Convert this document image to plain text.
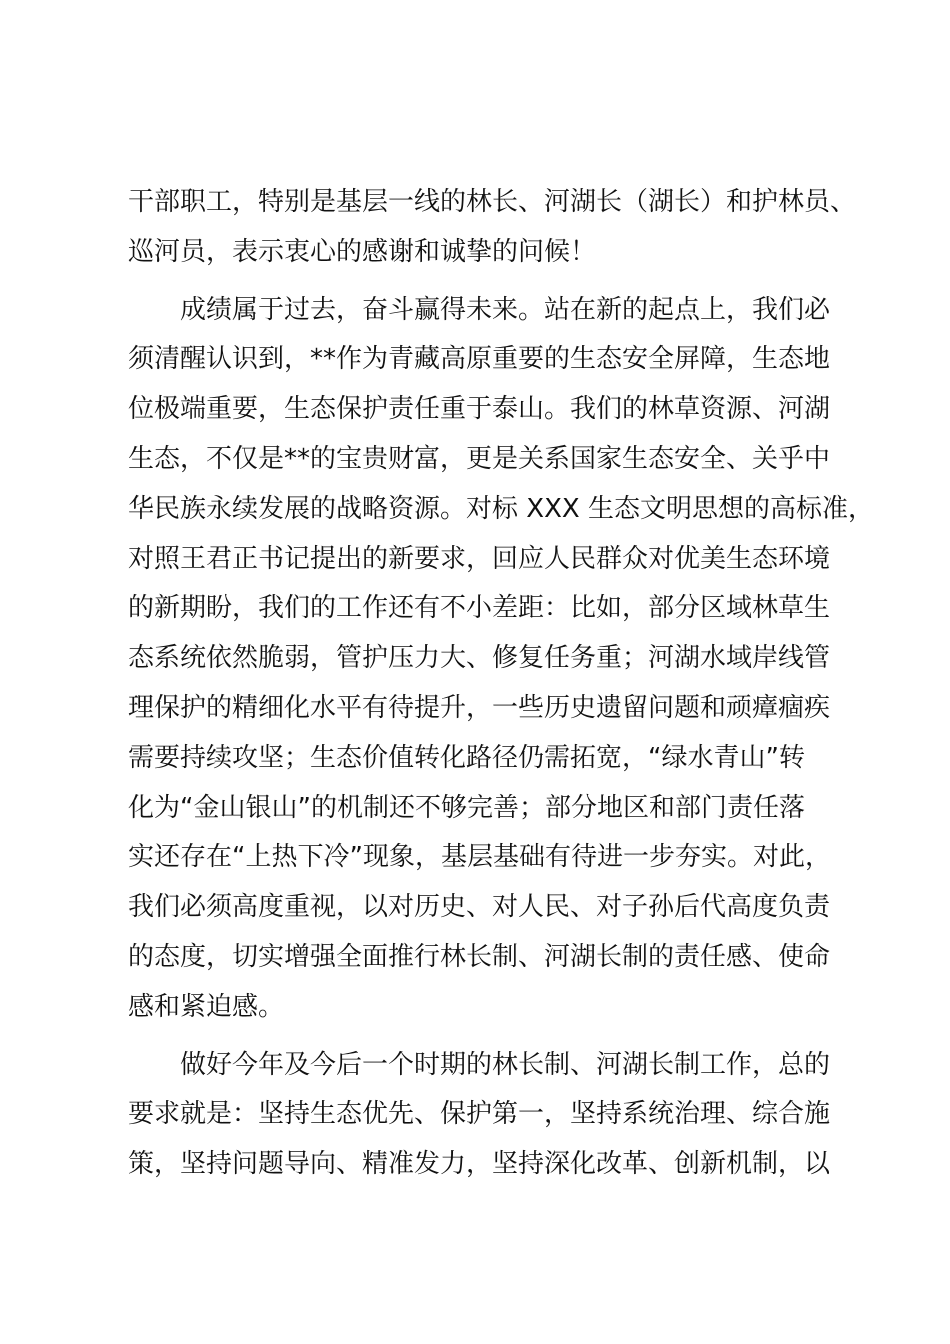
干部职工，特别是基层一线的林长、河湖长（湖长）和护林员、
巡河员，表示衷心的感谢和诚挚的问候！
成绩属于过去，奋斗赢得未来。站在新的起点上，我们必
须清醒认识到，**作为青藏高原重要的生态安全屏障，生态地
位极端重要，生态保护责任重于泰山。我们的林草资源、河湖
生态，不仅是**的宝贵财富，更是关系国家生态安全、关乎中
华民族永续发展的战略资源。对标 XXX 生态文明思想的高标准，
对照王君正书记提出的新要求，回应人民群众对优美生态环境
的新期盼，我们的工作还有不小差距：比如，部分区域林草生
态系统依然脆弱，管护压力大、修复任务重；河湖水域岸线管
理保护的精细化水平有待提升，一些历史遗留问题和顽瘴痼疾
需要持续攻坚；生态价值转化路径仍需拓宽，“绿水青山”转
化为“金山银山”的机制还不够完善；部分地区和部门责任落
实还存在“上热下冷”现象，基层基础有待进一步夯实。对此，
我们必须高度重视，以对历史、对人民、对子孙后代高度负责
的态度，切实增强全面推行林长制、河湖长制的责任感、使命
感和紧迫感。
做好今年及今后一个时期的林长制、河湖长制工作，总的
要求就是：坚持生态优先、保护第一，坚持系统治理、综合施
策，坚持问题导向、精准发力，坚持深化改革、创新机制，以
